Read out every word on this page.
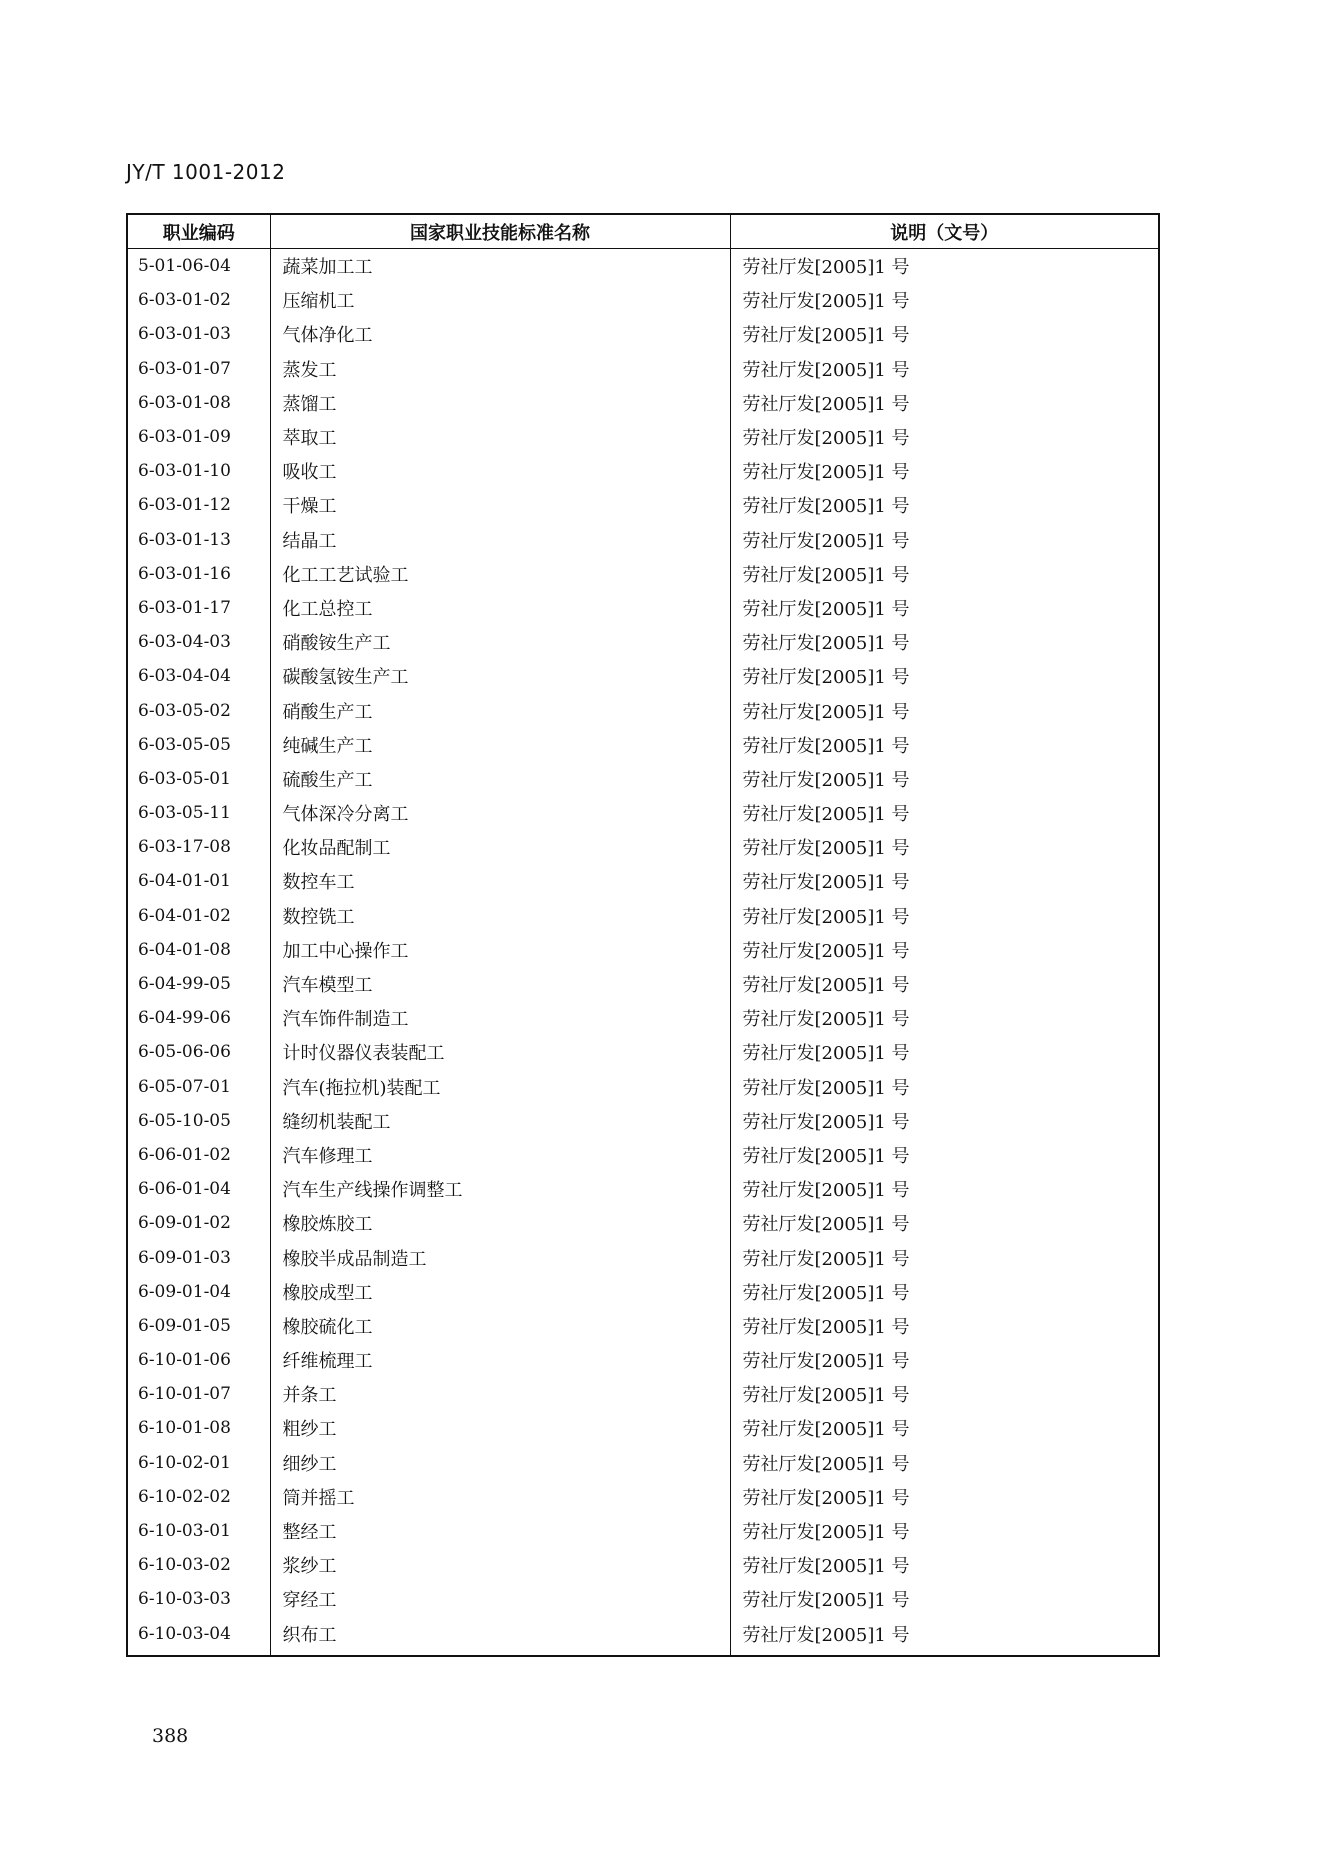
JY/T 1001-2012
职业编码	国家职业技能标准名称	说明（文号）
5-01-06-04	蔬菜加工工	劳社厅发[2005]1 号
6-03-01-02	压缩机工	劳社厅发[2005]1 号
6-03-01-03	气体净化工	劳社厅发[2005]1 号
6-03-01-07	蒸发工	劳社厅发[2005]1 号
6-03-01-08	蒸馏工	劳社厅发[2005]1 号
6-03-01-09	萃取工	劳社厅发[2005]1 号
6-03-01-10	吸收工	劳社厅发[2005]1 号
6-03-01-12	干燥工	劳社厅发[2005]1 号
6-03-01-13	结晶工	劳社厅发[2005]1 号
6-03-01-16	化工工艺试验工	劳社厅发[2005]1 号
6-03-01-17	化工总控工	劳社厅发[2005]1 号
6-03-04-03	硝酸铵生产工	劳社厅发[2005]1 号
6-03-04-04	碳酸氢铵生产工	劳社厅发[2005]1 号
6-03-05-02	硝酸生产工	劳社厅发[2005]1 号
6-03-05-05	纯碱生产工	劳社厅发[2005]1 号
6-03-05-01	硫酸生产工	劳社厅发[2005]1 号
6-03-05-11	气体深冷分离工	劳社厅发[2005]1 号
6-03-17-08	化妆品配制工	劳社厅发[2005]1 号
6-04-01-01	数控车工	劳社厅发[2005]1 号
6-04-01-02	数控铣工	劳社厅发[2005]1 号
6-04-01-08	加工中心操作工	劳社厅发[2005]1 号
6-04-99-05	汽车模型工	劳社厅发[2005]1 号
6-04-99-06	汽车饰件制造工	劳社厅发[2005]1 号
6-05-06-06	计时仪器仪表装配工	劳社厅发[2005]1 号
6-05-07-01	汽车(拖拉机)装配工	劳社厅发[2005]1 号
6-05-10-05	缝纫机装配工	劳社厅发[2005]1 号
6-06-01-02	汽车修理工	劳社厅发[2005]1 号
6-06-01-04	汽车生产线操作调整工	劳社厅发[2005]1 号
6-09-01-02	橡胶炼胶工	劳社厅发[2005]1 号
6-09-01-03	橡胶半成品制造工	劳社厅发[2005]1 号
6-09-01-04	橡胶成型工	劳社厅发[2005]1 号
6-09-01-05	橡胶硫化工	劳社厅发[2005]1 号
6-10-01-06	纤维梳理工	劳社厅发[2005]1 号
6-10-01-07	并条工	劳社厅发[2005]1 号
6-10-01-08	粗纱工	劳社厅发[2005]1 号
6-10-02-01	细纱工	劳社厅发[2005]1 号
6-10-02-02	筒并摇工	劳社厅发[2005]1 号
6-10-03-01	整经工	劳社厅发[2005]1 号
6-10-03-02	浆纱工	劳社厅发[2005]1 号
6-10-03-03	穿经工	劳社厅发[2005]1 号
6-10-03-04	织布工	劳社厅发[2005]1 号
388
